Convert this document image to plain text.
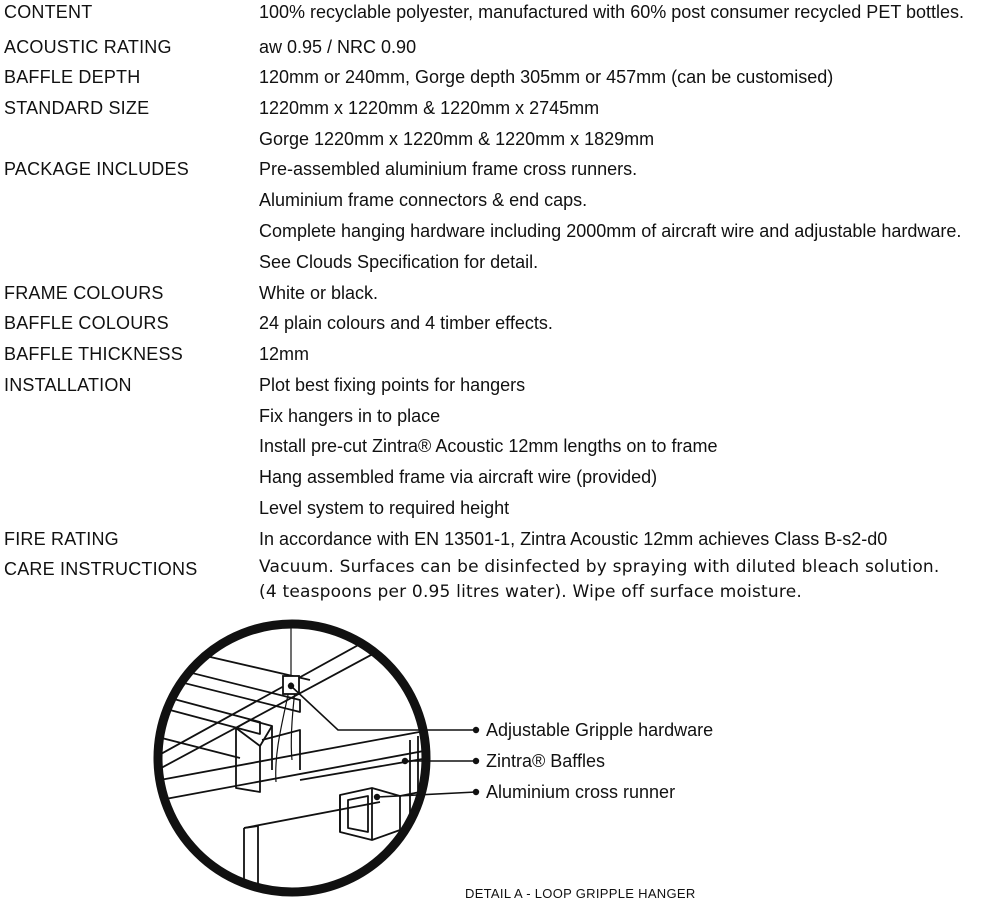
CONTENT
ACOUSTIC RATING
BAFFLE DEPTH
STANDARD SIZE
PACKAGE INCLUDES
FRAME COLOURS
BAFFLE COLOURS
BAFFLE THICKNESS
INSTALLATION
FIRE RATING
CARE INSTRUCTIONS
100% recyclable polyester, manufactured with 60% post consumer recycled PET bottles.
aw 0.95 / NRC 0.90
120mm or 240mm, Gorge depth 305mm or 457mm (can be customised)
1220mm x 1220mm & 1220mm x 2745mm
Gorge 1220mm x 1220mm & 1220mm x 1829mm
Pre-assembled aluminium frame cross runners.
Aluminium frame connectors & end caps.
Complete hanging hardware including 2000mm of aircraft wire and adjustable hardware.
See Clouds Specification for detail.
White or black.
24 plain colours and 4 timber effects.
12mm
Plot best fixing points for hangers
Fix hangers in to place
Install pre-cut Zintra® Acoustic 12mm lengths on to frame
Hang assembled frame via aircraft wire (provided)
Level system to required height
In accordance with EN 13501-1, Zintra Acoustic 12mm achieves Class B-s2-d0
Vacuum. Surfaces can be disinfected by spraying with diluted bleach solution.
(4 teaspoons per 0.95 litres water). Wipe off surface moisture.
Adjustable Gripple hardware
Zintra® Baffles
Aluminium cross runner
DETAIL A - LOOP GRIPPLE HANGER
